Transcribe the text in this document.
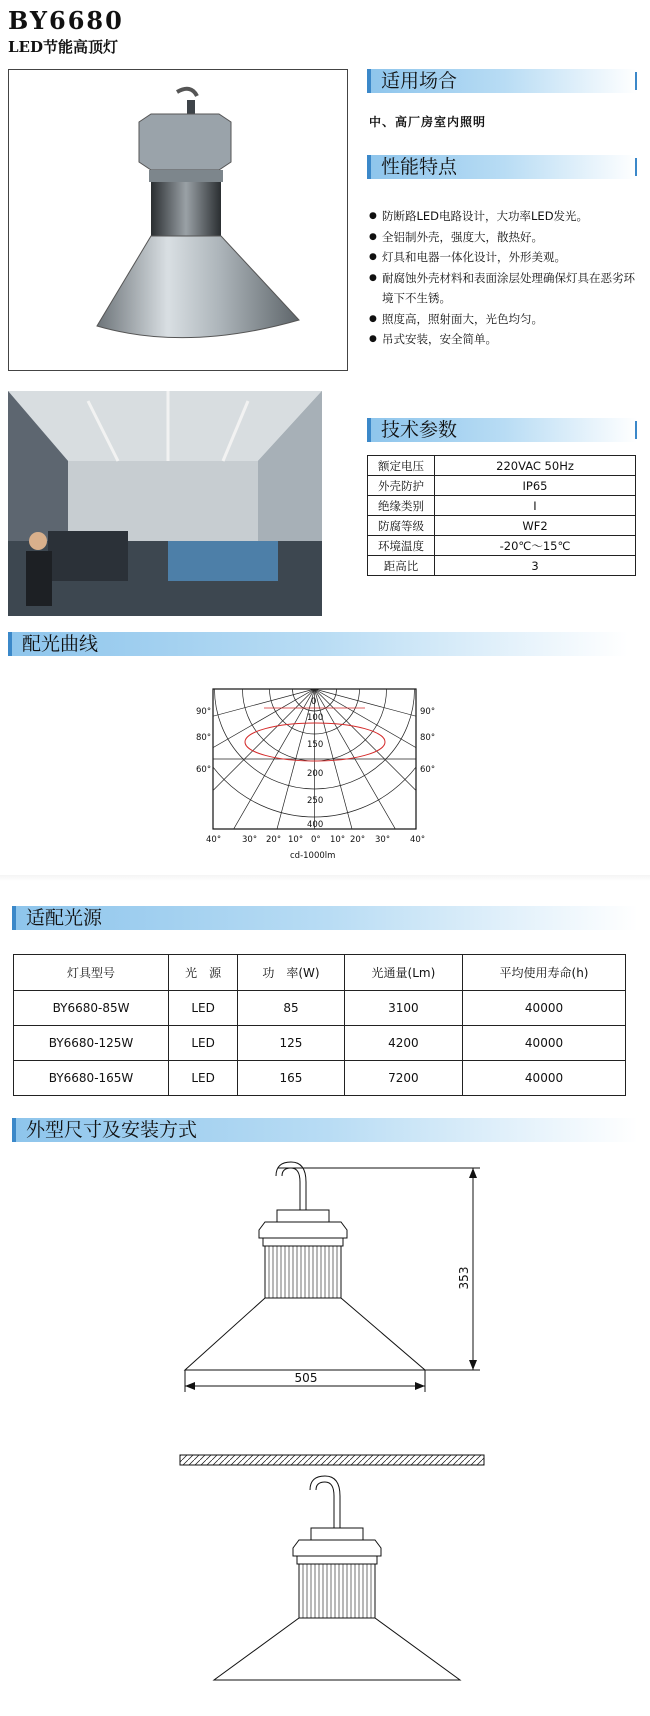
BY6680
LED节能高顶灯
适用场合
中、高厂房室内照明
性能特点
● 防断路LED电路设计，大功率LED发光。
● 全铝制外壳，强度大，散热好。
● 灯具和电器一体化设计，外形美观。
● 耐腐蚀外壳材料和表面涂层处理确保灯具在恶劣环境下不生锈。
● 照度高，照射面大，光色均匀。
● 吊式安装，安全简单。
技术参数
额定电压	220VAC 50Hz
外壳防护	IP65
绝缘类别	I
防腐等级	WF2
环境温度	-20℃～15℃
距高比	3
配光曲线
90°
80°
60°
90°
80°
60°
0
100
150
200
250
400
40° 30° 20° 10° 0° 10° 20° 30° 40°
cd-1000lm
适配光源
灯具型号	光　源	功　率(W)	光通量(Lm)	平均使用寿命(h)
BY6680-85W	LED	85	3100	40000
BY6680-125W	LED	125	4200	40000
BY6680-165W	LED	165	7200	40000
外型尺寸及安装方式
505
353
